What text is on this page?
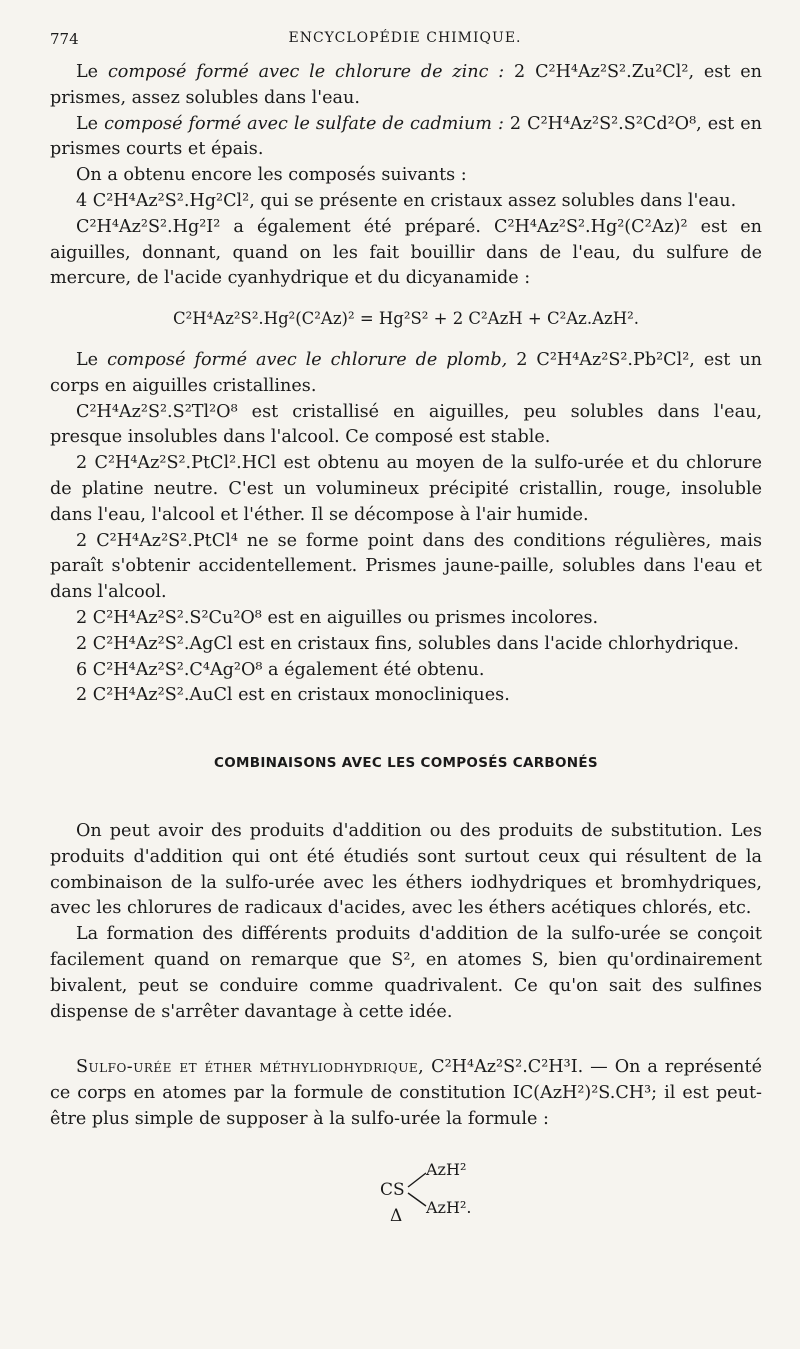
774	ENCYCLOPÉDIE CHIMIQUE.

Le composé formé avec le chlorure de zinc : 2 C²H⁴Az²S².Zu²Cl², est en prismes, assez solubles dans l'eau.

Le composé formé avec le sulfate de cadmium : 2 C²H⁴Az²S².S²Cd²O⁸, est en prismes courts et épais.

On a obtenu encore les composés suivants :

4 C²H⁴Az²S².Hg²Cl², qui se présente en cristaux assez solubles dans l'eau.

C²H⁴Az²S².Hg²I² a également été préparé. C²H⁴Az²S².Hg²(C²Az)² est en aiguilles, donnant, quand on les fait bouillir dans de l'eau, du sulfure de mercure, de l'acide cyanhydrique et du dicyanamide :

C²H⁴Az²S².Hg²(C²Az)² = Hg²S² + 2 C²AzH + C²Az.AzH².

Le composé formé avec le chlorure de plomb, 2 C²H⁴Az²S².Pb²Cl², est un corps en aiguilles cristallines.

C²H⁴Az²S².S²Tl²O⁸ est cristallisé en aiguilles, peu solubles dans l'eau, presque insolubles dans l'alcool. Ce composé est stable.

2 C²H⁴Az²S².PtCl².HCl est obtenu au moyen de la sulfo-urée et du chlorure de platine neutre. C'est un volumineux précipité cristallin, rouge, insoluble dans l'eau, l'alcool et l'éther. Il se décompose à l'air humide.

2 C²H⁴Az²S².PtCl⁴ ne se forme point dans des conditions régulières, mais paraît s'obtenir accidentellement. Prismes jaune-paille, solubles dans l'eau et dans l'alcool.

2 C²H⁴Az²S².S²Cu²O⁸ est en aiguilles ou prismes incolores.

2 C²H⁴Az²S².AgCl est en cristaux fins, solubles dans l'acide chlorhydrique.

6 C²H⁴Az²S².C⁴Ag²O⁸ a également été obtenu.

2 C²H⁴Az²S².AuCl est en cristaux monocliniques.

COMBINAISONS AVEC LES COMPOSÉS CARBONÉS

On peut avoir des produits d'addition ou des produits de substitution. Les produits d'addition qui ont été étudiés sont surtout ceux qui résultent de la combinaison de la sulfo-urée avec les éthers iodhydriques et bromhydriques, avec les chlorures de radicaux d'acides, avec les éthers acétiques chlorés, etc.

La formation des différents produits d'addition de la sulfo-urée se conçoit facilement quand on remarque que S², en atomes S, bien qu'ordinairement bivalent, peut se conduire comme quadrivalent. Ce qu'on sait des sulfines dispense de s'arrêter davantage à cette idée.

Sulfo-urée et éther méthyliodhydrique, C²H⁴Az²S².C²H³I. — On a représenté ce corps en atomes par la formule de constitution IC(AzH²)²S.CH³; il est peut-être plus simple de supposer à la sulfo-urée la formule :

CS
AzH²
AzH².
Δ
